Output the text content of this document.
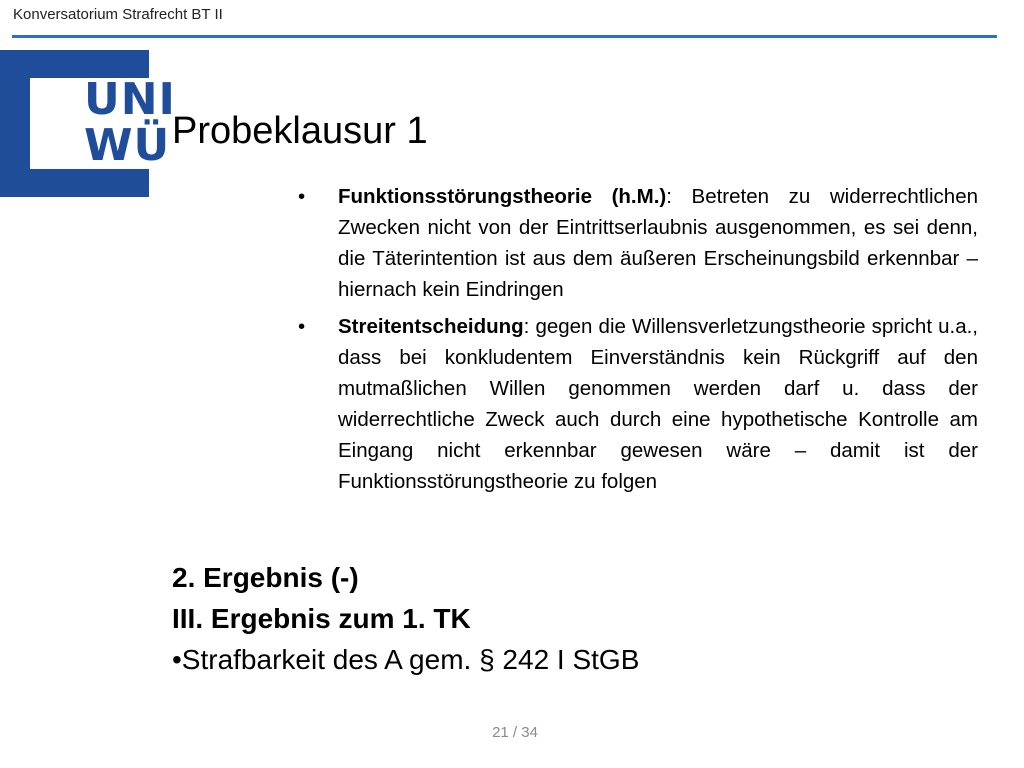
Konversatorium Strafrecht BT II
UNI
WÜ Probeklausur 1
• Funktionsstörungstheorie (h.M.): Betreten zu widerrechtlichen Zwecken nicht von der Eintrittserlaubnis ausgenommen, es sei denn, die Täterintention ist aus dem äußeren Erscheinungsbild erkennbar – hiernach kein Eindringen
• Streitentscheidung: gegen die Willensverletzungstheorie spricht u.a., dass bei konkludentem Einverständnis kein Rückgriff auf den mutmaßlichen Willen genommen werden darf u. dass der widerrechtliche Zweck auch durch eine hypothetische Kontrolle am Eingang nicht erkennbar gewesen wäre – damit ist der Funktionsstörungstheorie zu folgen
2. Ergebnis (-)
III. Ergebnis zum 1. TK
•Strafbarkeit des A gem. § 242 I StGB
21 / 34
